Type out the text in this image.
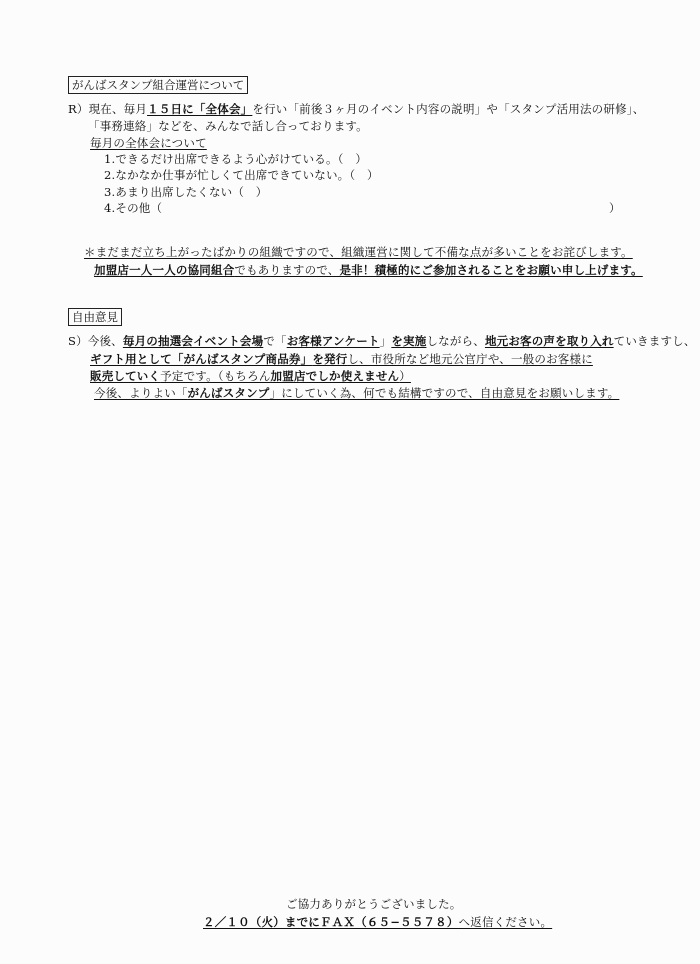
がんばスタンプ組合運営について
R）現在、毎月１５日に「全体会」を行い「前後３ヶ月のイベント内容の説明」や「スタンプ活用法の研修」、
「事務連絡」などを、みんなで話し合っております。
毎月の全体会について
1.できるだけ出席できるよう心がけている。（　）
2.なかなか仕事が忙しくて出席できていない。（　）
3.あまり出席したくない（　）
4.その他（	）
＊まだまだ立ち上がったばかりの組織ですので、組織運営に関して不備な点が多いことをお詫びします。
加盟店一人一人の協同組合でもありますので、是非！積極的にご参加されることをお願い申し上げます。
自由意見
S）今後、毎月の抽選会イベント会場で「お客様アンケート」を実施しながら、地元お客の声を取り入れていきますし、
ギフト用として「がんばスタンプ商品券」を発行し、市役所など地元公官庁や、一般のお客様に
販売していく予定です。（もちろん加盟店でしか使えません）
今後、よりよい「がんばスタンプ」にしていく為、何でも結構ですので、自由意見をお願いします。
ご協力ありがとうございました。
２／１０（火）までにＦＡＸ（６５−５５７８）へ返信ください。
